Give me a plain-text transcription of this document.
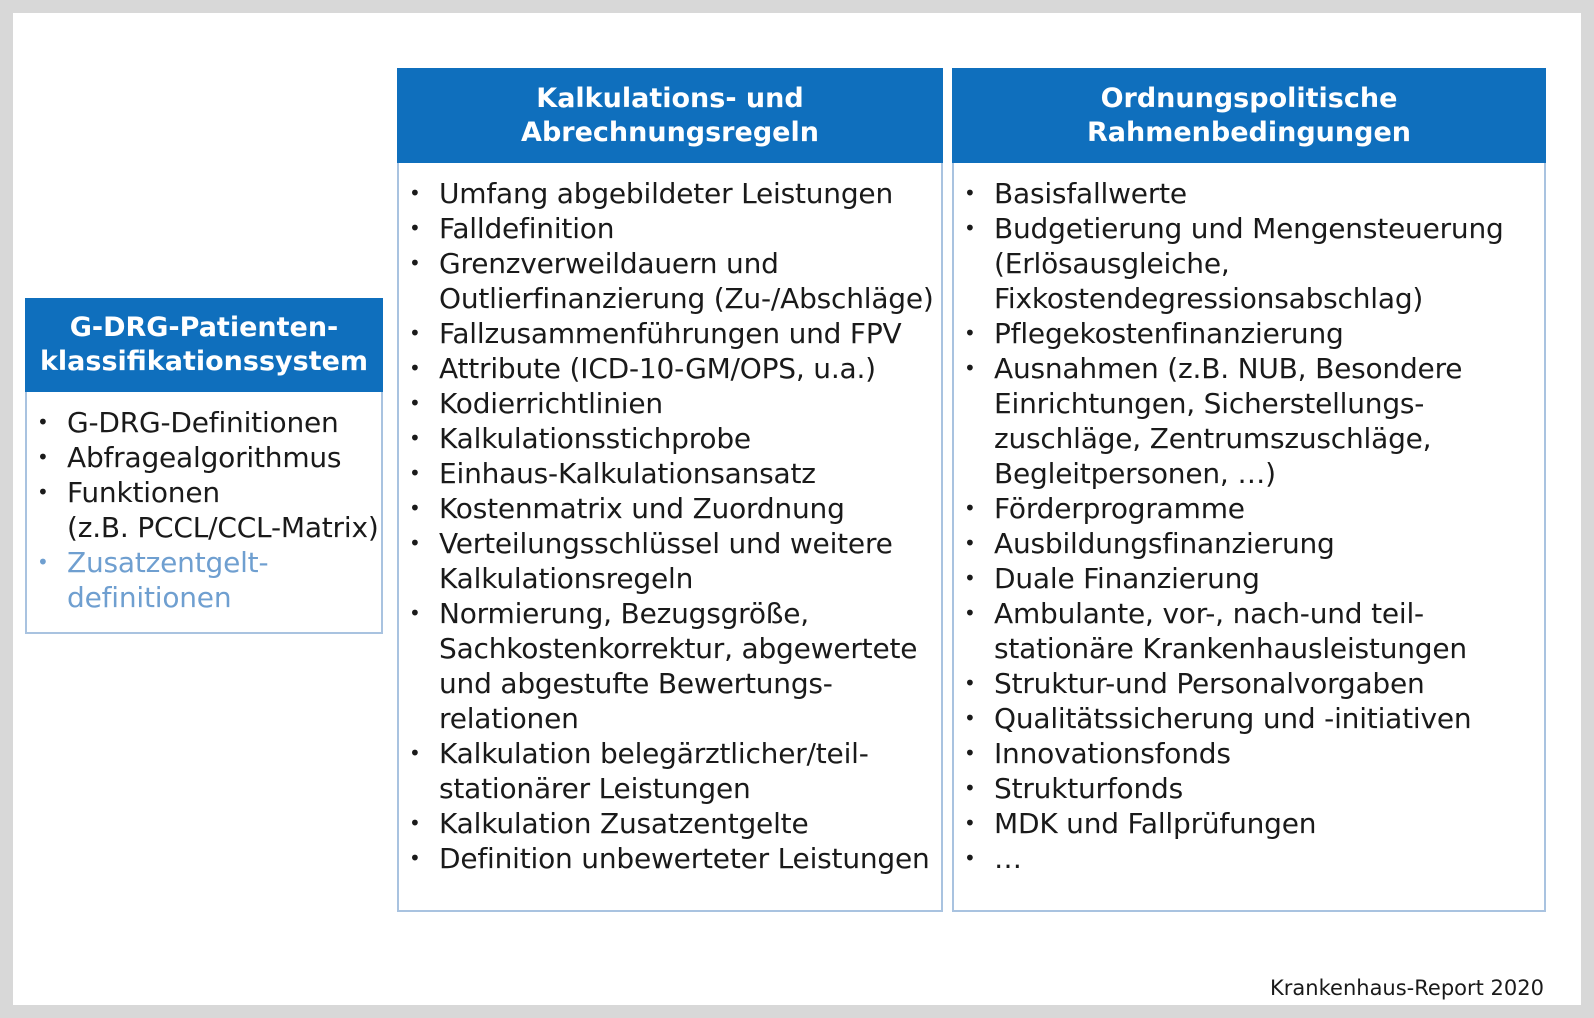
G-DRG-Patienten-
klassifikationssystem
• G-DRG-Definitionen
• Abfragealgorithmus
• Funktionen
(z.B. PCCL/CCL-Matrix)
• Zusatzentgelt-
definitionen
Kalkulations- und
Abrechnungsregeln
• Umfang abgebildeter Leistungen
• Falldefinition
• Grenzverweildauern und
Outlierfinanzierung (Zu-/Abschläge)
• Fallzusammenführungen und FPV
• Attribute (ICD-10-GM/OPS, u.a.)
• Kodierrichtlinien
• Kalkulationsstichprobe
• Einhaus-Kalkulationsansatz
• Kostenmatrix und Zuordnung
• Verteilungsschlüssel und weitere
Kalkulationsregeln
• Normierung, Bezugsgröße,
Sachkostenkorrektur, abgewertete
und abgestufte Bewertungs-
relationen
• Kalkulation belegärztlicher/teil-
stationärer Leistungen
• Kalkulation Zusatzentgelte
• Definition unbewerteter Leistungen
Ordnungspolitische
Rahmenbedingungen
• Basisfallwerte
• Budgetierung und Mengensteuerung
(Erlösausgleiche,
Fixkostendegressionsabschlag)
• Pflegekostenfinanzierung
• Ausnahmen (z.B. NUB, Besondere
Einrichtungen, Sicherstellungs-
zuschläge, Zentrumszuschläge,
Begleitpersonen, …)
• Förderprogramme
• Ausbildungsfinanzierung
• Duale Finanzierung
• Ambulante, vor-, nach-und teil-
stationäre Krankenhausleistungen
• Struktur-und Personalvorgaben
• Qualitätssicherung und -initiativen
• Innovationsfonds
• Strukturfonds
• MDK und Fallprüfungen
• …
Krankenhaus-Report 2020
